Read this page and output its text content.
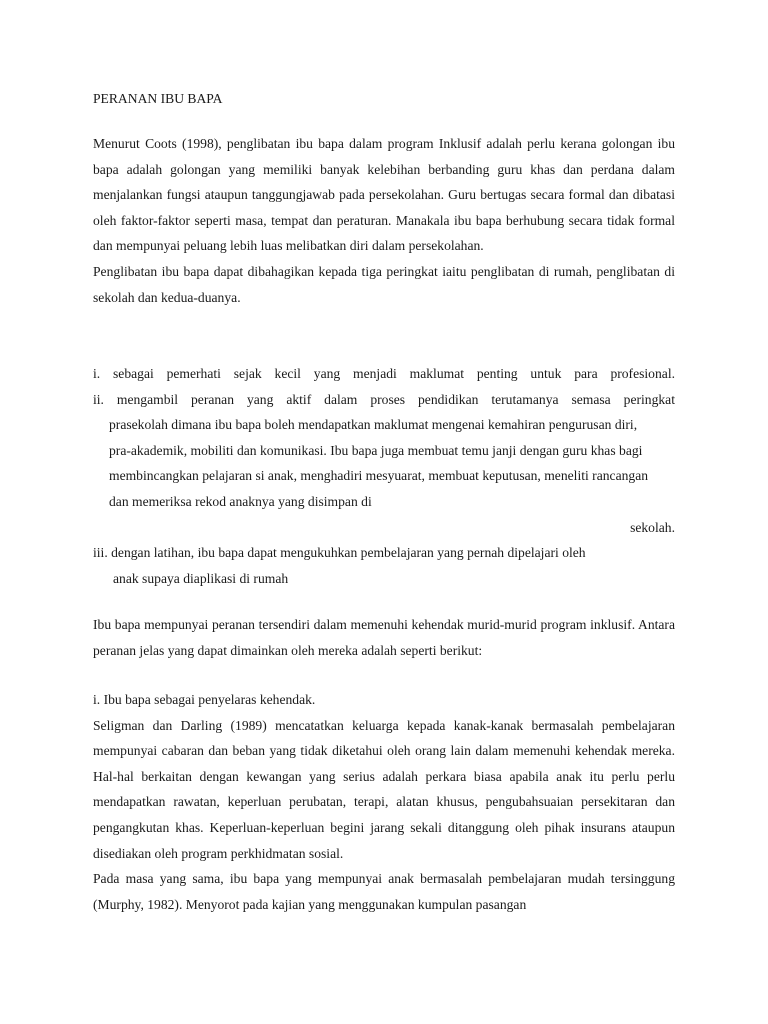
PERANAN IBU BAPA

Menurut Coots (1998), penglibatan ibu bapa dalam program Inklusif adalah perlu kerana golongan ibu bapa adalah golongan yang memiliki banyak kelebihan berbanding guru khas dan perdana dalam menjalankan fungsi ataupun tanggungjawab pada persekolahan. Guru bertugas secara formal dan dibatasi oleh faktor-faktor seperti masa, tempat dan peraturan. Manakala ibu bapa berhubung secara tidak formal dan mempunyai peluang lebih luas melibatkan diri dalam persekolahan.

Penglibatan ibu bapa dapat dibahagikan kepada tiga peringkat iaitu penglibatan di rumah, penglibatan di sekolah dan kedua-duanya.

i. sebagai pemerhati sejak kecil yang menjadi maklumat penting untuk para profesional.

ii. mengambil peranan yang aktif dalam proses pendidikan terutamanya semasa peringkat
prasekolah dimana ibu bapa boleh mendapatkan maklumat mengenai kemahiran pengurusan diri, pra-akademik, mobiliti dan komunikasi. Ibu bapa juga membuat temu janji dengan guru khas bagi membincangkan pelajaran si anak, menghadiri mesyuarat, membuat keputusan, meneliti rancangan dan memeriksa rekod anaknya yang disimpan di
sekolah.

iii. dengan latihan, ibu bapa dapat mengukuhkan pembelajaran yang pernah dipelajari oleh
anak supaya diaplikasi di rumah

Ibu bapa mempunyai peranan tersendiri dalam memenuhi kehendak murid-murid program inklusif. Antara peranan jelas yang dapat dimainkan oleh mereka adalah seperti berikut:

i. Ibu bapa sebagai penyelaras kehendak.

Seligman dan Darling (1989) mencatatkan keluarga kepada kanak-kanak bermasalah pembelajaran mempunyai cabaran dan beban yang tidak diketahui oleh orang lain dalam memenuhi kehendak mereka. Hal-hal berkaitan dengan kewangan yang serius adalah perkara biasa apabila anak itu perlu perlu mendapatkan rawatan, keperluan perubatan, terapi, alatan khusus, pengubahsuaian persekitaran dan pengangkutan khas. Keperluan-keperluan begini jarang sekali ditanggung oleh pihak insurans ataupun disediakan oleh program perkhidmatan sosial.

Pada masa yang sama, ibu bapa yang mempunyai anak bermasalah pembelajaran mudah tersinggung (Murphy, 1982). Menyorot pada kajian yang menggunakan kumpulan pasangan
